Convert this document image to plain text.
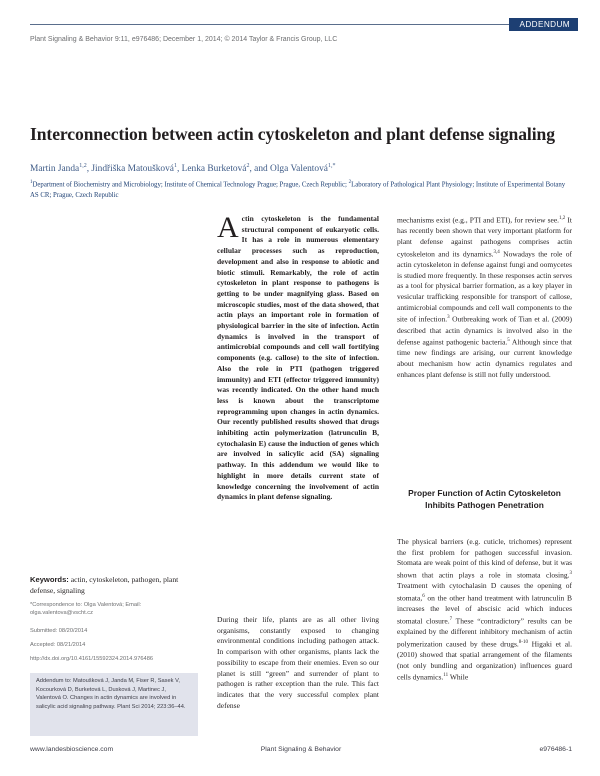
ADDENDUM
Plant Signaling & Behavior 9:11, e976486; December 1, 2014; © 2014 Taylor & Francis Group, LLC
Interconnection between actin cytoskeleton and plant defense signaling
Martin Janda$^{1,2}$, Jindřiška Matoušková$^1$, Lenka Burketová$^2$, and Olga Valentová$^{1,*}$
$^1$Department of Biochemistry and Microbiology; Institute of Chemical Technology Prague; Prague, Czech Republic; $^2$Laboratory of Pathological Plant Physiology; Institute of Experimental Botany AS CR; Prague, Czech Republic
Actin cytoskeleton is the fundamental structural component of eukaryotic cells. It has a role in numerous elementary cellular processes such as reproduction, development and also in response to abiotic and biotic stimuli. Remarkably, the role of actin cytoskeleton in plant response to pathogens is getting to be under magnifying glass. Based on microscopic studies, most of the data showed, that actin plays an important role in formation of physiological barrier in the site of infection. Actin dynamics is involved in the transport of antimicrobial compounds and cell wall fortifying components (e.g. callose) to the site of infection. Also the role in PTI (pathogen triggered immunity) and ETI (effector triggered immunity) was recently indicated. On the other hand much less is known about the transcriptome reprogramming upon changes in actin dynamics. Our recently published results showed that drugs inhibiting actin polymerization (latrunculin B, cytochalasin E) cause the induction of genes which are involved in salicylic acid (SA) signaling pathway. In this addendum we would like to highlight in more details current state of knowledge concerning the involvement of actin dynamics in plant defense signaling.
During their life, plants are as all other living organisms, constantly exposed to changing environmental conditions including pathogen attack. In comparison with other organisms, plants lack the possibility to escape from their enemies. Even so our planet is still “green” and surrender of plant to pathogen is rather exception than the rule. This fact indicates that the very successful complex plant defense
mechanisms exist (e.g., PTI and ETI), for review see.$^{1,2}$ It has recently been shown that very important platform for plant defense against pathogens comprises actin cytoskeleton and its dynamics.$^{3,4}$ Nowadays the role of actin cytoskeleton in defense against fungi and oomycetes is studied more frequently. In these responses actin serves as a tool for physical barrier formation, as a key player in vesicular trafficking responsible for transport of callose, antimicrobial compounds and cell wall components to the site of infection.$^3$ Outbreaking work of Tian et al. (2009) described that actin dynamics is involved also in the defense against pathogenic bacteria.$^5$ Although since that time new findings are arising, our current knowledge about mechanism how actin dynamics regulates and enhances plant defense is still not fully understood.
Proper Function of Actin Cytoskeleton Inhibits Pathogen Penetration
The physical barriers (e.g. cuticle, trichomes) represent the first problem for pathogen successful invasion. Stomata are weak point of this kind of defense, but it was shown that actin plays a role in stomata closing.$^3$ Treatment with cytochalasin D causes the opening of stomata,$^6$ on the other hand treatment with latrunculin B increases the level of abscisic acid which induces stomatal closure.$^7$ These “contradictory” results can be explained by the different inhibitory mechanism of actin polymerization caused by these drugs.$^{8-10}$ Higaki et al. (2010) showed that spatial arrangement of the filaments (not only bundling and organization) influences guard cells dynamics.$^{11}$ While
Keywords: actin, cytoskeleton, pathogen, plant defense, signaling
*Correspondence to: Olga Valentová; Email: olga.valentova@vscht.cz
Submitted: 08/20/2014
Accepted: 08/21/2014
http://dx.doi.org/10.4161/15592324.2014.976486
Addendum to: Matoušková J, Janda M, Fiser R, Sasek V, Kocourková D, Burketová L, Dusková J, Martinec J, Valentová O. Changes in actin dynamics are involved in salicylic acid signaling pathway. Plant Sci 2014; 223:36–44.
www.landesbioscience.com	Plant Signaling & Behavior	e976486-1
